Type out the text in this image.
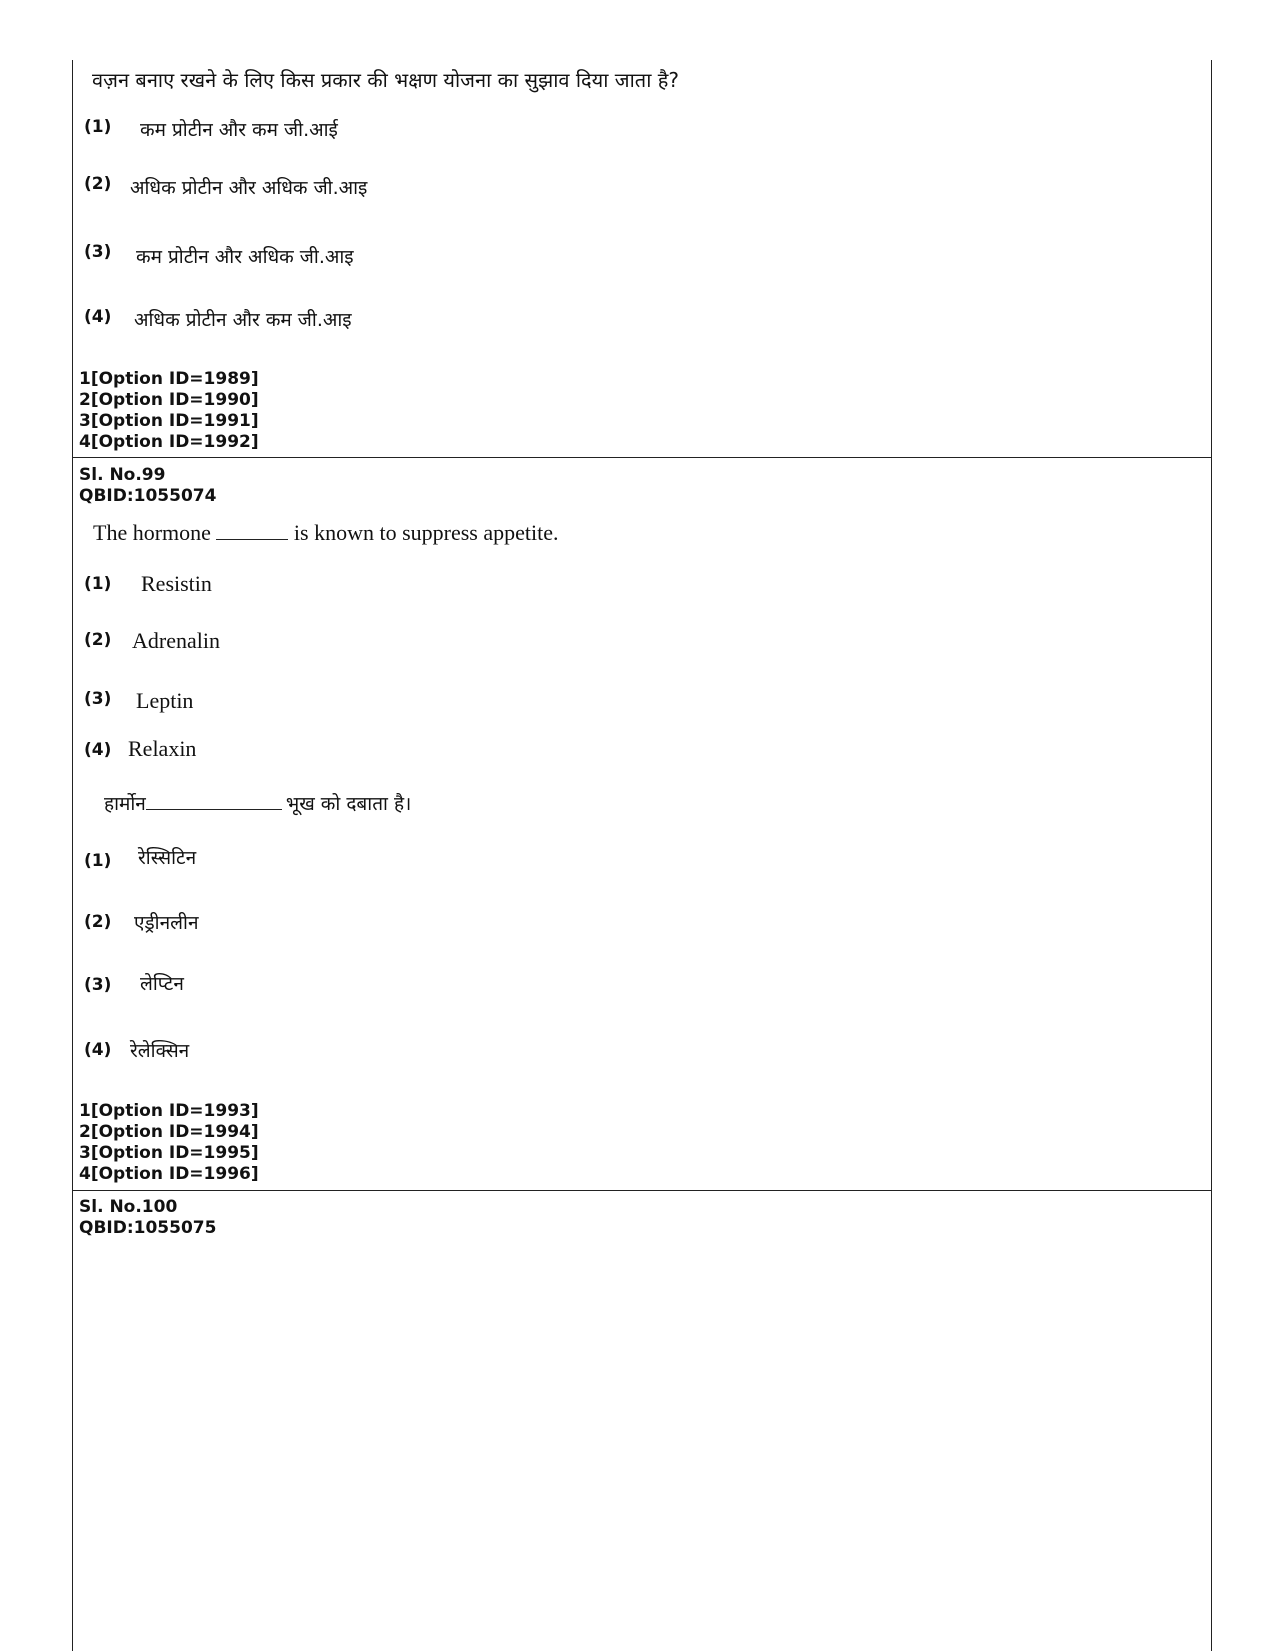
वज़न बनाए रखने के लिए किस प्रकार की भक्षण योजना का सुझाव दिया जाता है?
(1) कम प्रोटीन और कम जी.आई
(2) अधिक प्रोटीन और अधिक जी.आइ
(3) कम प्रोटीन और अधिक जी.आइ
(4) अधिक प्रोटीन और कम जी.आइ
1[Option ID=1989]
2[Option ID=1990]
3[Option ID=1991]
4[Option ID=1992]
Sl. No.99
QBID:1055074
The hormone	is known to suppress appetite.
(1) Resistin
(2) Adrenalin
(3) Leptin
(4) Relaxin
हार्मोन	भूख को दबाता है।
(1) रेस्सिटिन
(2) एड्रीनलीन
(3) लेप्टिन
(4) रेलेक्सिन
1[Option ID=1993]
2[Option ID=1994]
3[Option ID=1995]
4[Option ID=1996]
Sl. No.100
QBID:1055075
